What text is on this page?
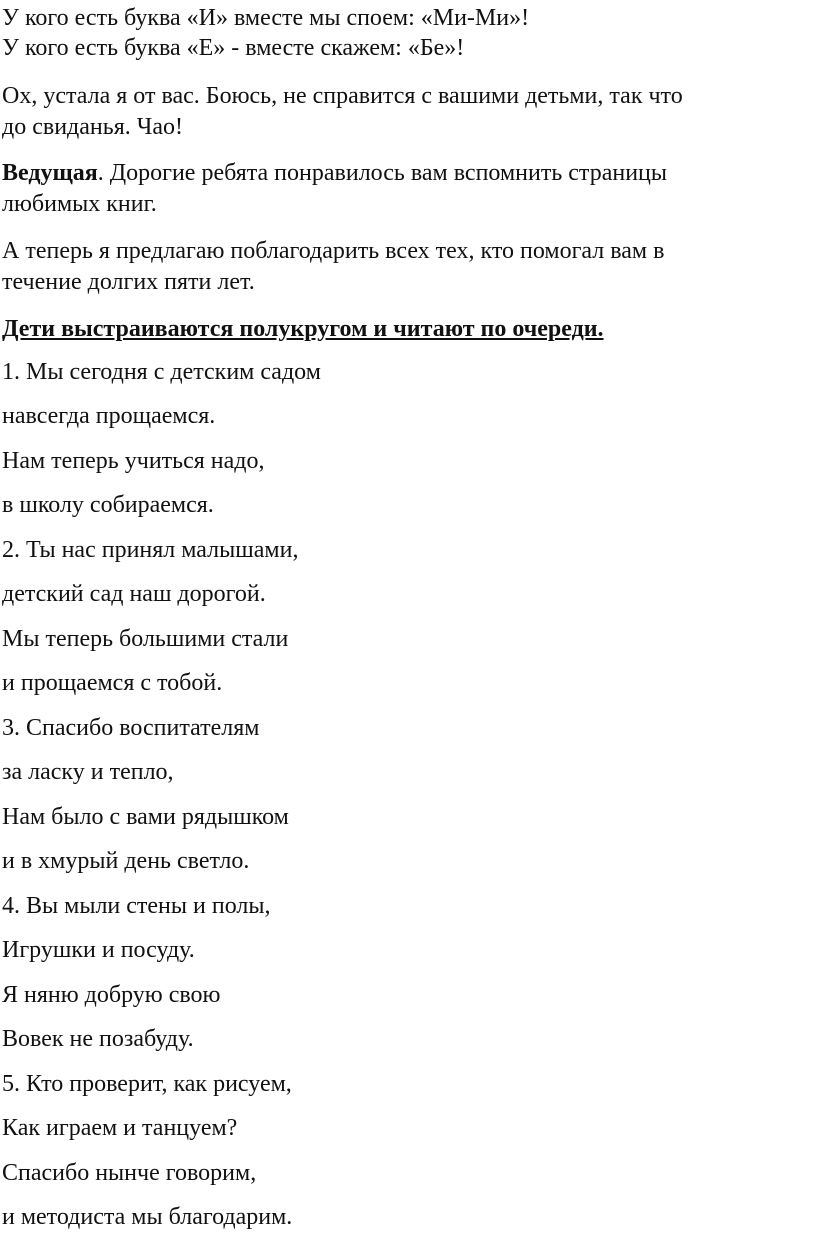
У кого есть буква «И» вместе мы споем: «Ми-Ми»!
У кого есть буква «Е» - вместе скажем: «Бе»!
Ох, устала я от вас. Боюсь, не справится с вашими детьми, так что
до свиданья. Чао!
Ведущая. Дорогие ребята понравилось вам вспомнить страницы
любимых книг.
А теперь я предлагаю поблагодарить всех тех, кто помогал вам в
течение долгих пяти лет.
Дети выстраиваются полукругом и читают по очереди.
1. Мы сегодня с детским садом
навсегда прощаемся.
Нам теперь учиться надо,
в школу собираемся.
2. Ты нас принял малышами,
детский сад наш дорогой.
Мы теперь большими стали
и прощаемся с тобой.
3. Спасибо воспитателям
за ласку и тепло,
Нам было с вами рядышком
и в хмурый день светло.
4. Вы мыли стены и полы,
Игрушки и посуду.
Я няню добрую свою
Вовек не позабуду.
5. Кто проверит, как рисуем,
Как играем и танцуем?
Спасибо нынче говорим,
и методиста мы благодарим.
